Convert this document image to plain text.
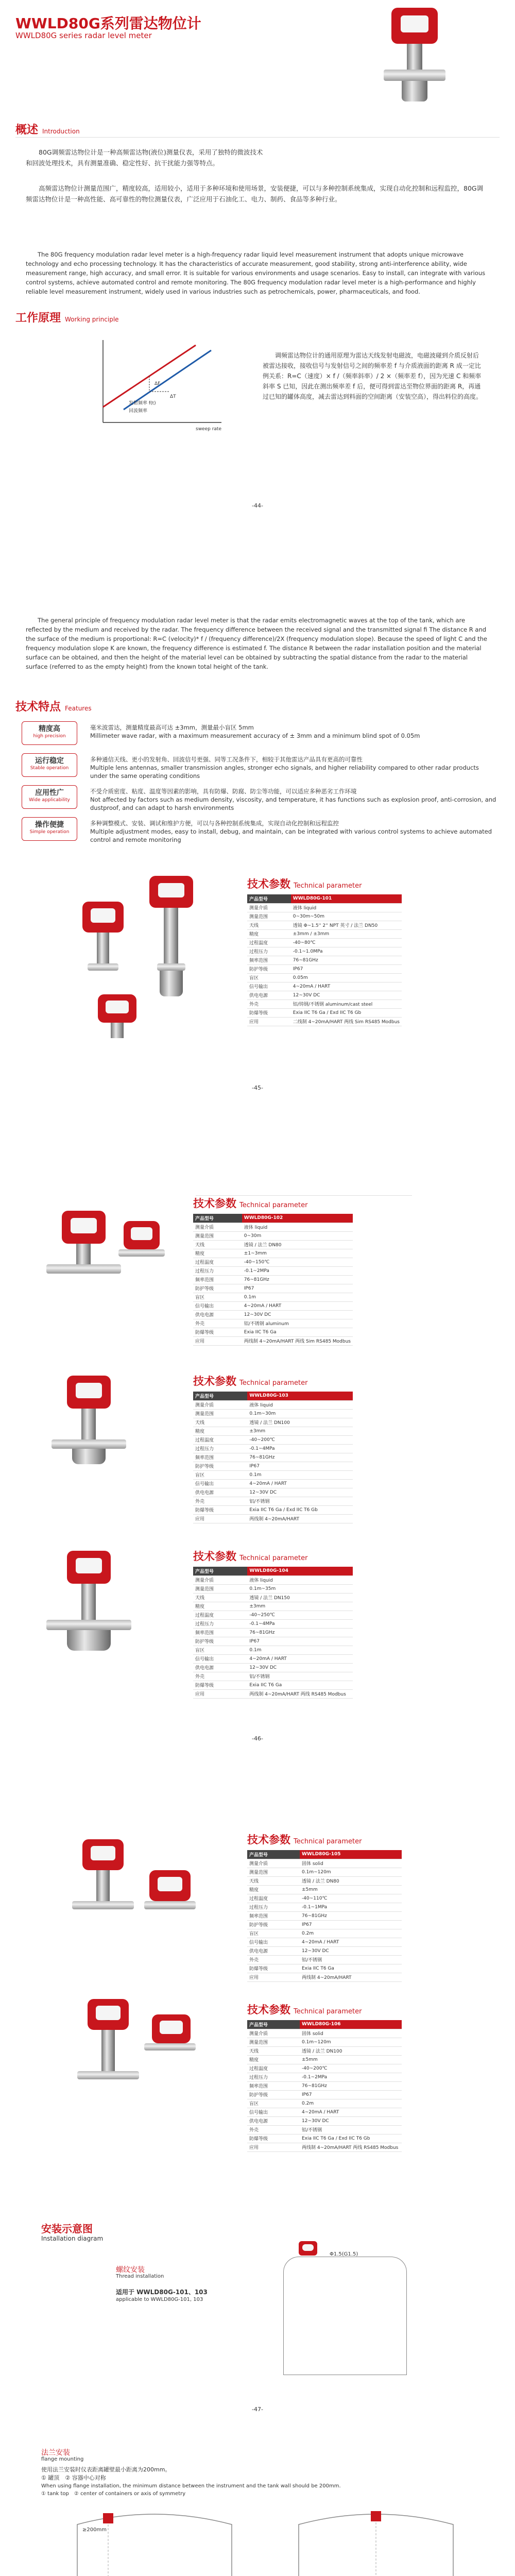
WWLD80G系列雷达物位计
WWLD80G series radar level meter
概述 Introduction
80G调频雷达物位计是一种高频雷达物(液位)测量仪表，采用了独特的微波技术和回波处理技术，具有测量准确、稳定性好、抗干扰能力强等特点。
高频雷达物位计测量范围广，精度较高，适用较小，适用于多种环境和使用场景，安装便捷，可以与多种控制系统集成，实现自动化控制和远程监控，80G调频雷达物位计是一种高性能、高可靠性的物位测量仪表，广泛应用于石油化工、电力、制药、食品等多种行业。
The 80G frequency modulation radar level meter is a high-frequency radar liquid level measurement instrument that adopts unique microwave technology and echo processing technology. It has the characteristics of accurate measurement, good stability, strong anti-interference ability, wide measurement range, high accuracy, and small error. It is suitable for various environments and usage scenarios. Easy to install, can integrate with various control systems, achieve automated control and remote monitoring. The 80G frequency modulation radar level meter is a high-performance and highly reliable level measurement instrument, widely used in various industries such as petrochemicals, power, pharmaceuticals, and food.
工作原理 Working principle
发射频率 f(t)
回波频率
ΔF
ΔT
sweep rate
调频雷达物位计的通用原理为雷达天线发射电磁波，电磁波碰到介质反射后被雷达接收，接收信号与发射信号之间的频率差 f 与介质液面的距离 R 成一定比例关系：R=C（速度）× f /（频率斜率）/ 2 ×（频率差 f），因为光速 C 和频率斜率 S 已知，因此在测出频率差 f 后，便可得到雷达至物位界面的距离 R，再通过已知的罐体高度，减去雷达到料面的空间距离（安装空高），得出料位的高度。
-44-
The general principle of frequency modulation radar level meter is that the radar emits electromagnetic waves at the top of the tank, which are reflected by the medium and received by the radar. The frequency difference between the received signal and the transmitted signal fi The distance R and the surface of the medium is proportional: R=C (velocity)* f / (frequency difference)/2X (frequency modulation slope). Because the speed of light C and the frequency modulation slope K are known, the frequency difference is estimated f. The distance R between the radar installation position and the material surface can be obtained, and then the height of the material level can be obtained by subtracting the spatial distance from the radar to the material surface (referred to as the empty height) from the known total height of the tank.
技术特点 Features
精度高
high precision
毫米波雷达，测量精度最高可达 ±3mm，测量最小盲区 5mm
Millimeter wave radar, with a maximum measurement accuracy of ± 3mm and a minimum blind spot of 0.05m
运行稳定
Stable operation
多种通信天线、更小的发射角、回波信号更强、同等工况条件下，相较于其他雷达产品具有更高的可靠性
Multiple lens antennas, smaller transmission angles, stronger echo signals, and higher reliability compared to other radar products under the same operating conditions
应用性广
Wide applicability
不受介质密度、粘度、温度等因素的影响，具有防爆、防腐、防尘等功能，可以适应多种恶劣工作环境
Not affected by factors such as medium density, viscosity, and temperature, it has functions such as explosion proof, anti-corrosion, and dustproof, and can adapt to harsh environments
操作便捷
Simple operation
多种调整模式、安装、调试和维护方便，可以与各种控制系统集成，实现自动化控制和远程监控
Multiple adjustment modes, easy to install, debug, and maintain, can be integrated with various control systems to achieve automated control and remote monitoring
技术参数 Technical parameter
产品型号	WWLD80G-101
测量介质	液体 liquid
测量范围	0~30m~50m
天线	透镜 Φ~1.5'' 2'' NPT 英寸 / 法兰 DN50
精度	±3mm / ±3mm
过程温度	-40~80℃
过程压力	-0.1~1.0MPa
频率范围	76~81GHz
防护等级	IP67
盲区	0.05m
信号输出	4~20mA / HART
供电电源	12~30V DC
外壳	铝/铸钢/不锈钢 aluminum/cast steel
防爆等级	Exia IIC T6 Ga / Exd IIC T6 Gb
应用	二线制 4~20mA/HART 两线 Sim RS485 Modbus
-45-
技术参数 Technical parameter
产品型号	WWLD80G-102
测量介质	液体 liquid
测量范围	0~30m
天线	透镜 / 法兰 DN80
精度	±1~3mm
过程温度	-40~150℃
过程压力	-0.1~2MPa
频率范围	76~81GHz
防护等级	IP67
盲区	0.1m
信号输出	4~20mA / HART
供电电源	12~30V DC
外壳	铝/不锈钢 aluminum
防爆等级	Exia IIC T6 Ga
应用	两线制 4~20mA/HART 两线 Sim RS485 Modbus
技术参数 Technical parameter
产品型号	WWLD80G-103
测量介质	液体 liquid
测量范围	0.1m~30m
天线	透镜 / 法兰 DN100
精度	±3mm
过程温度	-40~200℃
过程压力	-0.1~4MPa
频率范围	76~81GHz
防护等级	IP67
盲区	0.1m
信号输出	4~20mA / HART
供电电源	12~30V DC
外壳	铝/不锈钢
防爆等级	Exia IIC T6 Ga / Exd IIC T6 Gb
应用	两线制 4~20mA/HART
技术参数 Technical parameter
产品型号	WWLD80G-104
测量介质	液体 liquid
测量范围	0.1m~35m
天线	透镜 / 法兰 DN150
精度	±3mm
过程温度	-40~250℃
过程压力	-0.1~4MPa
频率范围	76~81GHz
防护等级	IP67
盲区	0.1m
信号输出	4~20mA / HART
供电电源	12~30V DC
外壳	铝/不锈钢
防爆等级	Exia IIC T6 Ga
应用	两线制 4~20mA/HART 两线 RS485 Modbus
-46-
技术参数 Technical parameter
产品型号	WWLD80G-105
测量介质	固体 solid
测量范围	0.1m~120m
天线	透镜 / 法兰 DN80
精度	±5mm
过程温度	-40~110℃
过程压力	-0.1~1MPa
频率范围	76~81GHz
防护等级	IP67
盲区	0.2m
信号输出	4~20mA / HART
供电电源	12~30V DC
外壳	铝/不锈钢
防爆等级	Exia IIC T6 Ga
应用	两线制 4~20mA/HART
技术参数 Technical parameter
产品型号	WWLD80G-106
测量介质	固体 solid
测量范围	0.1m~120m
天线	透镜 / 法兰 DN100
精度	±5mm
过程温度	-40~200℃
过程压力	-0.1~2MPa
频率范围	76~81GHz
防护等级	IP67
盲区	0.2m
信号输出	4~20mA / HART
供电电源	12~30V DC
外壳	铝/不锈钢
防爆等级	Exia IIC T6 Ga / Exd IIC T6 Gb
应用	两线制 4~20mA/HART 两线 RS485 Modbus
安装示意图
Installation diagram
螺纹安装
Thread installation
适用于 WWLD80G-101、103
applicable to WWLD80G-101, 103
Φ1.5(G1.5)
-47-
法兰安装
flange mounting
使用法兰安装时仪表距离罐壁最小距离为200mm。
① 罐顶　② 容器中心对称
When using flange installation, the minimum distance between the instrument and the tank wall should be 200mm.
① tank top　② center of containers or axis of symmetry
≥200mm
